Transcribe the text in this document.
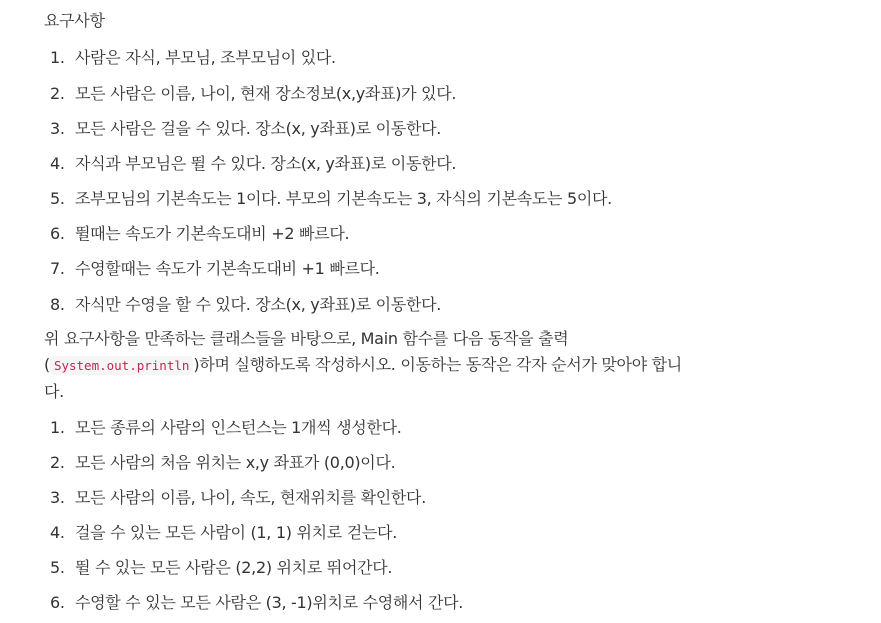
요구사항
1. 사람은 자식, 부모님, 조부모님이 있다.
2. 모든 사람은 이름, 나이, 현재 장소정보(x,y좌표)가 있다.
3. 모든 사람은 걸을 수 있다. 장소(x, y좌표)로 이동한다.
4. 자식과 부모님은 뛸 수 있다. 장소(x, y좌표)로 이동한다.
5. 조부모님의 기본속도는 1이다. 부모의 기본속도는 3, 자식의 기본속도는 5이다.
6. 뛸때는 속도가 기본속도대비 +2 빠르다.
7. 수영할때는 속도가 기본속도대비 +1 빠르다.
8. 자식만 수영을 할 수 있다. 장소(x, y좌표)로 이동한다.
위 요구사항을 만족하는 클래스들을 바탕으로, Main 함수를 다음 동작을 출력
( System.out.println )하며 실행하도록 작성하시오. 이동하는 동작은 각자 순서가 맞아야 합니
다.
1. 모든 종류의 사람의 인스턴스는 1개씩 생성한다.
2. 모든 사람의 처음 위치는 x,y 좌표가 (0,0)이다.
3. 모든 사람의 이름, 나이, 속도, 현재위치를 확인한다.
4. 걸을 수 있는 모든 사람이 (1, 1) 위치로 걷는다.
5. 뛸 수 있는 모든 사람은 (2,2) 위치로 뛰어간다.
6. 수영할 수 있는 모든 사람은 (3, -1)위치로 수영해서 간다.
